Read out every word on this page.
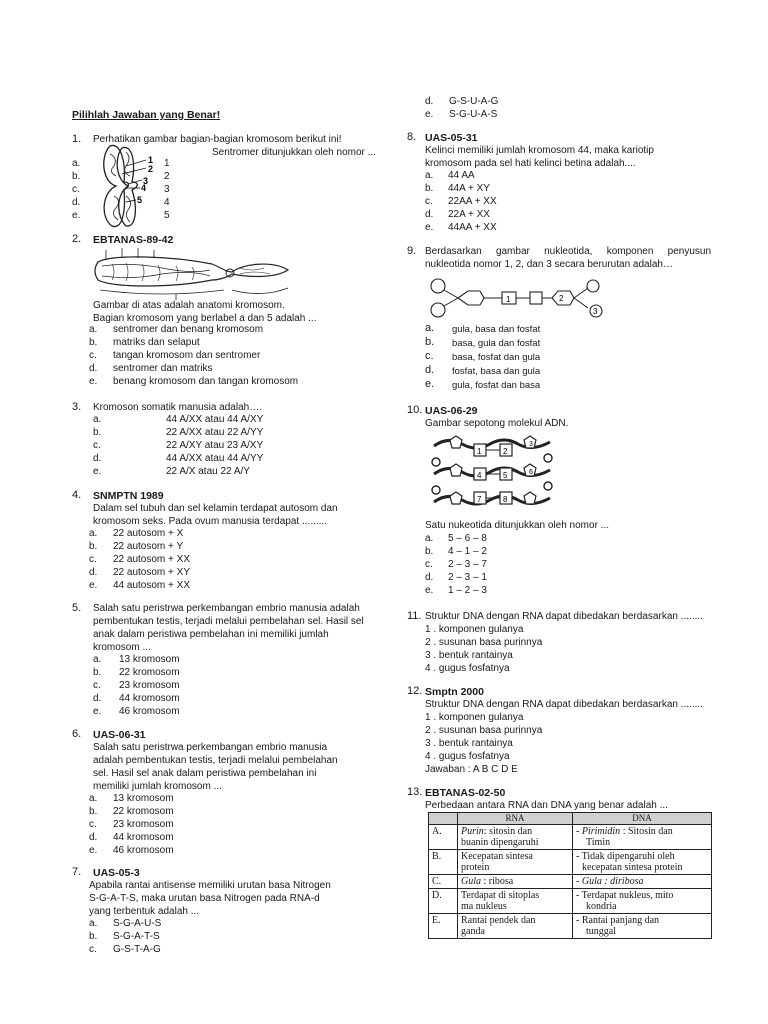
Pilihlah Jawaban yang Benar!
1. Perhatikan gambar bagian-bagian kromosom berikut ini!
Sentromer ditunjukkan oleh nomor ...
a.
b.
c.
d.
e.
1
2
3
4
5
1
2
3
4
5
2. EBTANAS-89-42
Gambar di atas adalah anatomi kromosom.
Bagian kromosom yang berlabel a dan 5 adalah ...
a.
b.
c.
d.
e.
sentromer dan benang kromosom
matriks dan selaput
tangan kromosom dan sentromer
sentromer dan matriks
benang kromosom dan tangan kromosom
3. Kromoson somatik manusia adalah….
a.
b.
c.
d.
e.
44 A/XX atau 44 A/XY
22 A/XX atau 22 A/YY
22 A/XY atau 23 A/XY
44 A/XX atau 44 A/YY
22 A/X atau 22 A/Y
4. SNMPTN 1989
Dalam sel tubuh dan sel kelamin terdapat autosom dan
kromosom seks. Pada ovum manusia terdapat .........
a.
b.
c.
d.
e.
22 autosom + X
22 autosom + Y
22 autosom + XX
22 autosom + XY
44 autosom + XX
5. Salah satu peristrwa perkembangan embrio manusia adalah
pembentukan testis, terjadi melalui pembelahan sel. Hasil sel
anak dalam peristiwa pembelahan ini memiliki jumlah
kromosom ...
a.
b.
c.
d.
e.
13 kromosom
22 kromosom
23 kromosom
44 kromosom
46 kromosom
6. UAS-06-31
Salah satu peristrwa perkembangan embrio manusia
adalah pembentukan testis, terjadi melalui pembelahan
sel. Hasil sel anak dalam peristiwa pembelahan ini
memiliki jumlah kromosom ...
a.
b.
c.
d.
e.
13 kromosom
22 kromosom
23 kromosom
44 kromosom
46 kromosom
7. UAS-05-3
Apabila rantai antisense memiliki urutan basa Nitrogen
S-G-A-T-S, maka urutan basa Nitrogen pada RNA-d
yang terbentuk adalah ...
a.
b.
c.
S-G-A-U-S
S-G-A-T-S
G-S-T-A-G
d.
e.
G-S-U-A-G
S-G-U-A-S
8. UAS-05-31
Kelinci memiliki jumlah kromosom 44, maka kariotip
kromosom pada sel hati kelinci betina adalah....
a.
b.
c.
d.
e.
44 AA
44A + XY
22AA + XX
22A + XX
44AA + XX
9. Berdasarkan gambar nukleotida, komponen penyusun
nukleotida nomor 1, 2, dan 3 secara berurutan adalah…
1	2
3
a.
b.
c.
d.
e.
gula, basa dan fosfat
basa, gula dan fosfat
basa, fosfat dan gula
fosfat, basa dan gula
gula, fosfat dan basa
10. UAS-06-29
Gambar sepotong molekul ADN.
1	2
3
4	5	6
7	8
Satu nukeotida ditunjukkan oleh nomor ...
a.
b.
c.
d.
e.
5 – 6 – 8
4 – 1 – 2
2 – 3 – 7
2 – 3 – 1
1 – 2 – 3
11. Struktur DNA dengan RNA dapat dibedakan berdasarkan ........
1 . komponen gulanya
2 . susunan basa purinnya
3 . bentuk rantainya
4 . gugus fosfatnya
12. Smptn 2000
Struktur DNA dengan RNA dapat dibedakan berdasarkan ........
1 . komponen gulanya
2 . susunan basa purinnya
3 . bentuk rantainya
4 . gugus fosfatnya
Jawaban : A B C D E
13. EBTANAS-02-50
Perbedaan antara RNA dan DNA yang benar adalah ...
	RNA	DNA
A.	Purin: sitosin dan
buanin dipengaruhi	- Pirimidin : Sitosin dan
Timin
B.	Kecepatan sintesa
protein	- Tidak dipengaruhi oleh
kecepatan sintesa protein
C.	Gula : ribosa	- Gula : diribosa
D.	Terdapat di sitoplas
ma nukleus	- Terdapat nukleus, mito
kondria
E.	Rantai pendek dan
ganda	- Rantai panjang dan
tunggal
